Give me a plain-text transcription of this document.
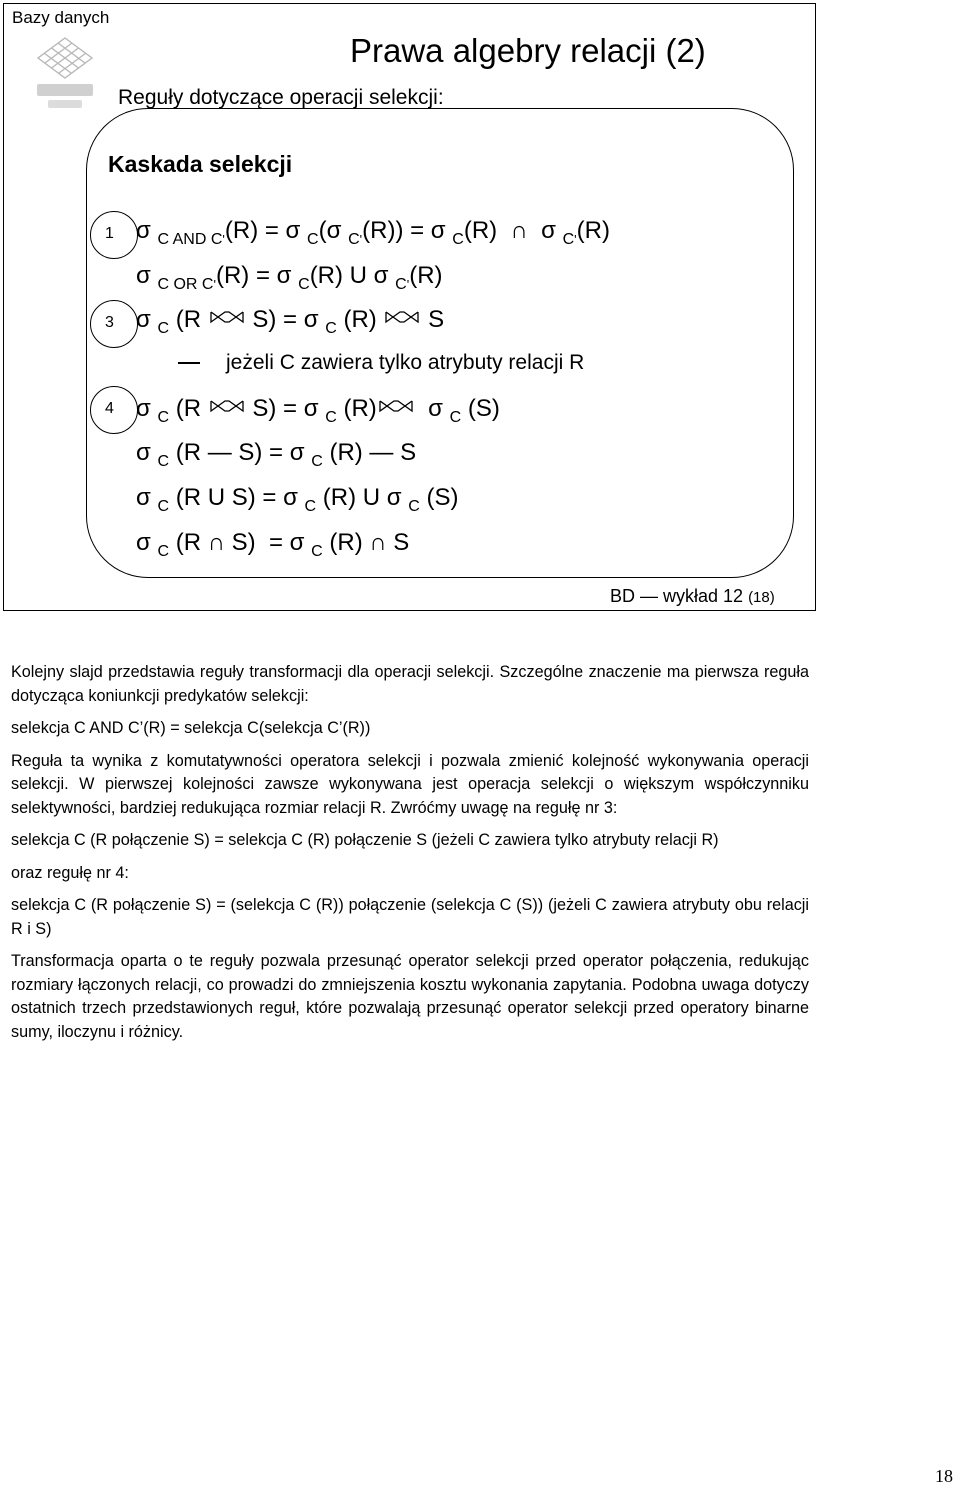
Bazy danych
Prawa algebry relacji (2)
Reguły dotyczące operacji selekcji:
Kaskada selekcji
1
3
4
σ $_{C AND C'}$(R) = σ $_C$(σ $_{C'}$(R)) = σ $_C$(R)  ∩ σ $_{C'}$(R)
σ $_{C OR C'}$(R) = σ $_C$(R) U σ $_{C'}$(R)
σ $_C$ (R  S) = σ $_C$ (R)  S
jeżeli C zawiera tylko atrybuty relacji R
σ $_C$ (R  S) = σ $_C$ (R) σ $_C$ (S)
σ $_C$ (R — S) = σ $_C$ (R) — S
σ $_C$ (R U S) = σ $_C$ (R) U σ $_C$ (S)
σ $_C$ (R ∩ S)  = σ $_C$ (R) ∩ S
BD — wykład 12 (18)

Kolejny slajd przedstawia reguły transformacji dla operacji selekcji. Szczególne znaczenie ma pierwsza reguła dotycząca koniunkcji predykatów selekcji:

selekcja C AND C’(R) = selekcja C(selekcja C’(R))

Reguła ta wynika z komutatywności operatora selekcji i pozwala zmienić kolejność wykonywania operacji selekcji. W pierwszej kolejności zawsze wykonywana jest operacja selekcji o większym współczynniku selektywności, bardziej redukująca rozmiar relacji R. Zwróćmy uwagę na regułę nr 3:

selekcja C (R połączenie S) = selekcja C (R) połączenie S (jeżeli C zawiera tylko atrybuty relacji R)

oraz regułę nr 4:

selekcja C (R połączenie S) = (selekcja C (R)) połączenie (selekcja C (S)) (jeżeli C zawiera atrybuty obu relacji R i S)

Transformacja oparta o te reguły pozwala przesunąć operator selekcji przed operator połączenia, redukując rozmiary łączonych relacji, co prowadzi do zmniejszenia kosztu wykonania zapytania. Podobna uwaga dotyczy ostatnich trzech przedstawionych reguł, które pozwalają przesunąć operator selekcji przed operatory binarne sumy, iloczynu i różnicy.

18
